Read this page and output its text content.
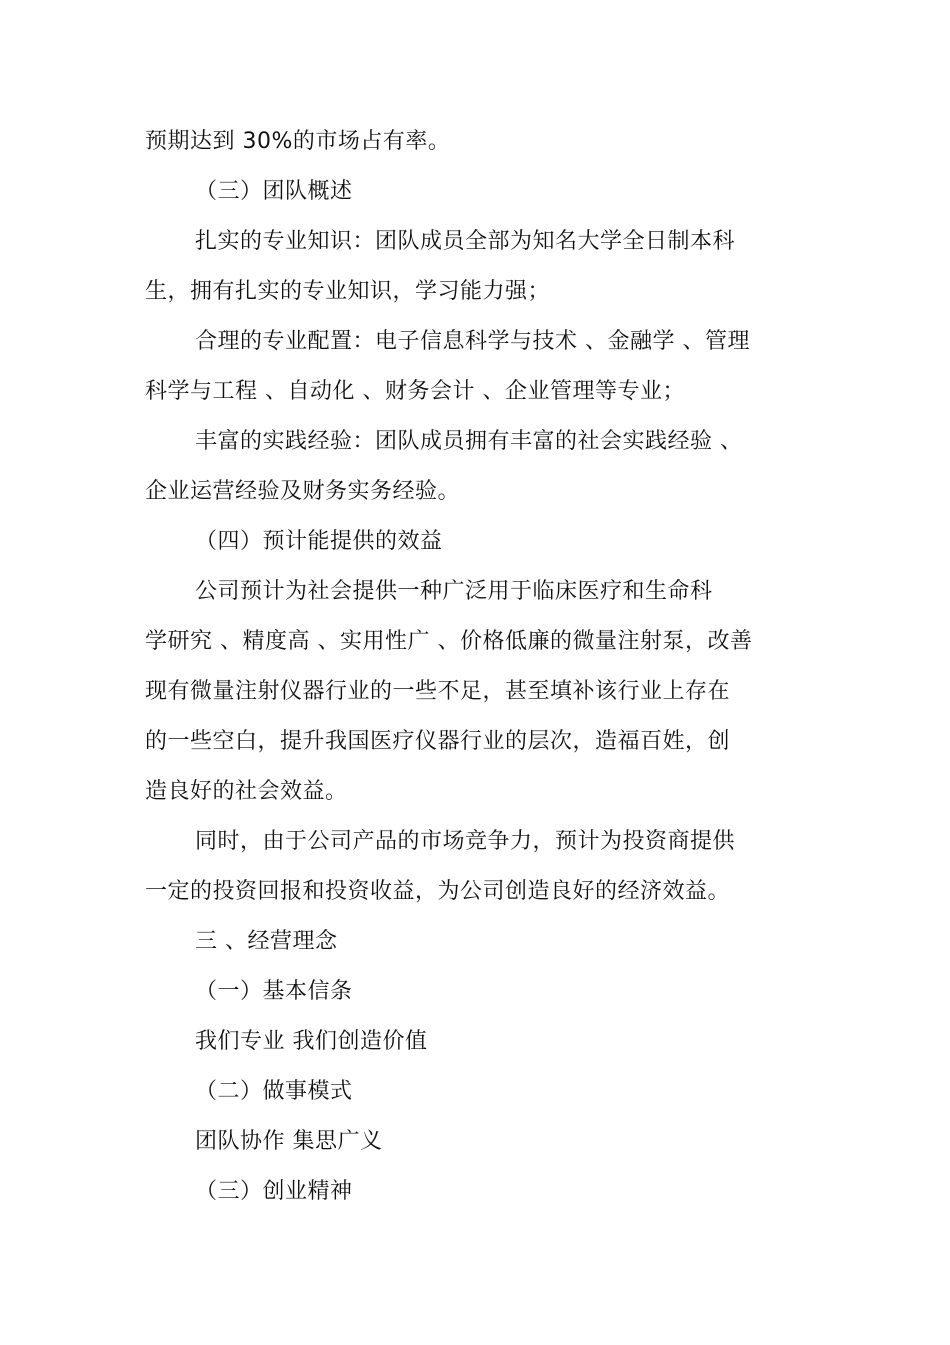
预期达到 30%的市场占有率。
（三）团队概述
扎实的专业知识：团队成员全部为知名大学全日制本科
生，拥有扎实的专业知识，学习能力强；
合理的专业配置：电子信息科学与技术 、金融学 、管理
科学与工程 、自动化 、财务会计 、企业管理等专业；
丰富的实践经验：团队成员拥有丰富的社会实践经验 、
企业运营经验及财务实务经验。
（四）预计能提供的效益
公司预计为社会提供一种广泛用于临床医疗和生命科
学研究 、精度高 、实用性广 、价格低廉的微量注射泵，改善
现有微量注射仪器行业的一些不足，甚至填补该行业上存在
的一些空白，提升我国医疗仪器行业的层次，造福百姓，创
造良好的社会效益。
同时，由于公司产品的市场竞争力，预计为投资商提供
一定的投资回报和投资收益，为公司创造良好的经济效益。
三 、经营理念
（一）基本信条
我们专业 我们创造价值
（二）做事模式
团队协作 集思广义
（三）创业精神
